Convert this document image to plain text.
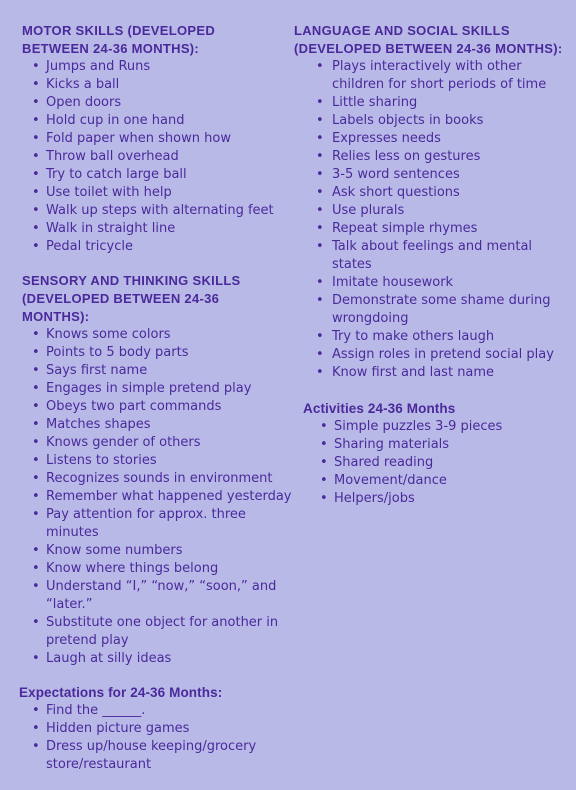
MOTOR SKILLS (DEVELOPED
BETWEEN 24-36 MONTHS):
• Jumps and Runs
• Kicks a ball
• Open doors
• Hold cup in one hand
• Fold paper when shown how
• Throw ball overhead
• Try to catch large ball
• Use toilet with help
• Walk up steps with alternating feet
• Walk in straight line
• Pedal tricycle
SENSORY AND THINKING SKILLS
(DEVELOPED BETWEEN 24-36
MONTHS):
• Knows some colors
• Points to 5 body parts
• Says first name
• Engages in simple pretend play
• Obeys two part commands
• Matches shapes
• Knows gender of others
• Listens to stories
• Recognizes sounds in environment
• Remember what happened yesterday
• Pay attention for approx. three minutes
• Know some numbers
• Know where things belong
• Understand “I,” “now,” “soon,” and “later.”
• Substitute one object for another in pretend play
• Laugh at silly ideas
Expectations for 24-36 Months:
• Find the ______.
• Hidden picture games
• Dress up/house keeping/grocery store/restaurant
LANGUAGE AND SOCIAL SKILLS
(DEVELOPED BETWEEN 24-36 MONTHS):
• Plays interactively with other children for short periods of time
• Little sharing
• Labels objects in books
• Expresses needs
• Relies less on gestures
• 3-5 word sentences
• Ask short questions
• Use plurals
• Repeat simple rhymes
• Talk about feelings and mental states
• Imitate housework
• Demonstrate some shame during wrongdoing
• Try to make others laugh
• Assign roles in pretend social play
• Know first and last name
Activities 24-36 Months
• Simple puzzles 3-9 pieces
• Sharing materials
• Shared reading
• Movement/dance
• Helpers/jobs
